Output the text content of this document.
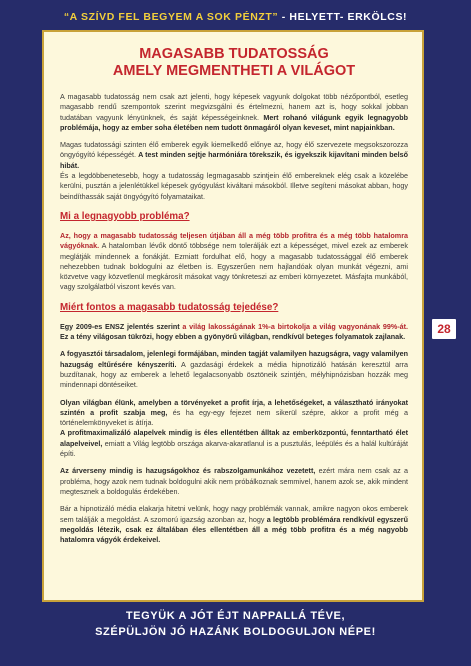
“A SZÍVD FEL BEGYEM A SOK PÉNZT” - HELYETT- ERKÖLCS!
MAGASABB TUDATOSSÁG
AMELY MEGMENTHETI A VILÁGOT

A magasabb tudatosság nem csak azt jelenti, hogy képesek vagyunk dolgokat több nézőpontból, esetleg magasabb rendű szempontok szerint megvizsgálni és értelmezni, hanem azt is, hogy sokkal jobban tudatában vagyunk lényünknek, és saját képességeinknek. Mert rohanó világunk egyik legnagyobb problémája, hogy az ember soha életében nem tudott önmagáról olyan keveset, mint napjainkban.

Magas tudatossági szinten élő emberek egyik kiemelkedő előnye az, hogy élő szervezete megsokszorozza öngyógyító képességét. A test minden sejtje harmóniára törekszik, és igyekszik kijavítani minden belső hibát.
És a legdöbbenetesebb, hogy a tudatosság legmagasabb szintjein élő embereknek elég csak a közelébe kerülni, pusztán a jelenlétükkel képesek gyógyulást kiváltani másokból. Illetve segíteni másokat abban, hogy beindíthassák saját öngyógyító folyamataikat.

Mi a legnagyobb probléma?

Az, hogy a magasabb tudatosság teljesen útjában áll a még több profitra és a még több hatalomra vágyóknak. A hatalomban lévők döntő többsége nem tolerálják ezt a képességet, mivel ezek az emberek meglátják mindennek a fonákját. Ezmiatt fordulhat elő, hogy a magasabb tudatossággal élő emberek nehezebben tudnak boldogulni az életben is. Egyszerűen nem hajlandóak olyan munkát végezni, ami közvetve vagy közvetlenül megkárosít másokat vagy tönkreteszi az emberi környezetet. Másfajta munkából, vagy szolgálatból viszont kevés van.

Miért fontos a magasabb tudatosság tejedése?

Egy 2009-es ENSZ jelentés szerint a világ lakosságának 1%-a birtokolja a világ vagyonának 99%-át. Ez a tény világosan tükrözi, hogy ebben a gyönyörű világban, rendkívül beteges folyamatok zajlanak.

A fogyasztói társadalom, jelenlegi formájában, minden tagját valamilyen hazugságra, vagy valamilyen hazugság eltűrésére kényszeríti. A gazdasági érdekek a média hipnotizáló hatásán keresztül arra buzdítanak, hogy az emberek a lehető legalacsonyabb ösztöneik szintjén, mélyhipnózisban hozzák meg mindennapi döntéseiket.

Olyan világban élünk, amelyben a törvényeket a profit írja, a lehetőségeket, a választható irányokat szintén a profit szabja meg, és ha egy-egy fejezet nem sikerül szépre, akkor a profit még a történelemkönyveket is átírja.
A profitmaximalizáló alapelvek mindig is éles ellentétben álltak az emberközpontú, fenntartható élet alapelveivel, emiatt a Világ legtöbb országa akarva-akaratlanul is a pusztulás, leépülés és a halál kultúráját építi.

Az árverseny mindig is hazugságokhoz és rabszolgamunkához vezetett, ezért mára nem csak az a probléma, hogy azok nem tudnak boldogulni akik nem próbálkoznak semmivel, hanem azok se, akik mindent megtesznek a boldogulás érdekében.

Bár a hipnotizáló média elakarja hitetni velünk, hogy nagy problémák vannak, amikre nagyon okos emberek sem találják a megoldást. A szomorú igazság azonban az, hogy a legtöbb problémára rendkívül egyszerű megoldás létezik, csak ez általában éles ellentétben áll a még több profitra és a még nagyobb hatalomra vágyók érdekeivel.

28
TEGYÜK A JÓT ÉJT NAPPALLÁ TÉVE,
SZÉPÜLJÖN JÓ HAZÁNK BOLDOGULJON NÉPE!
